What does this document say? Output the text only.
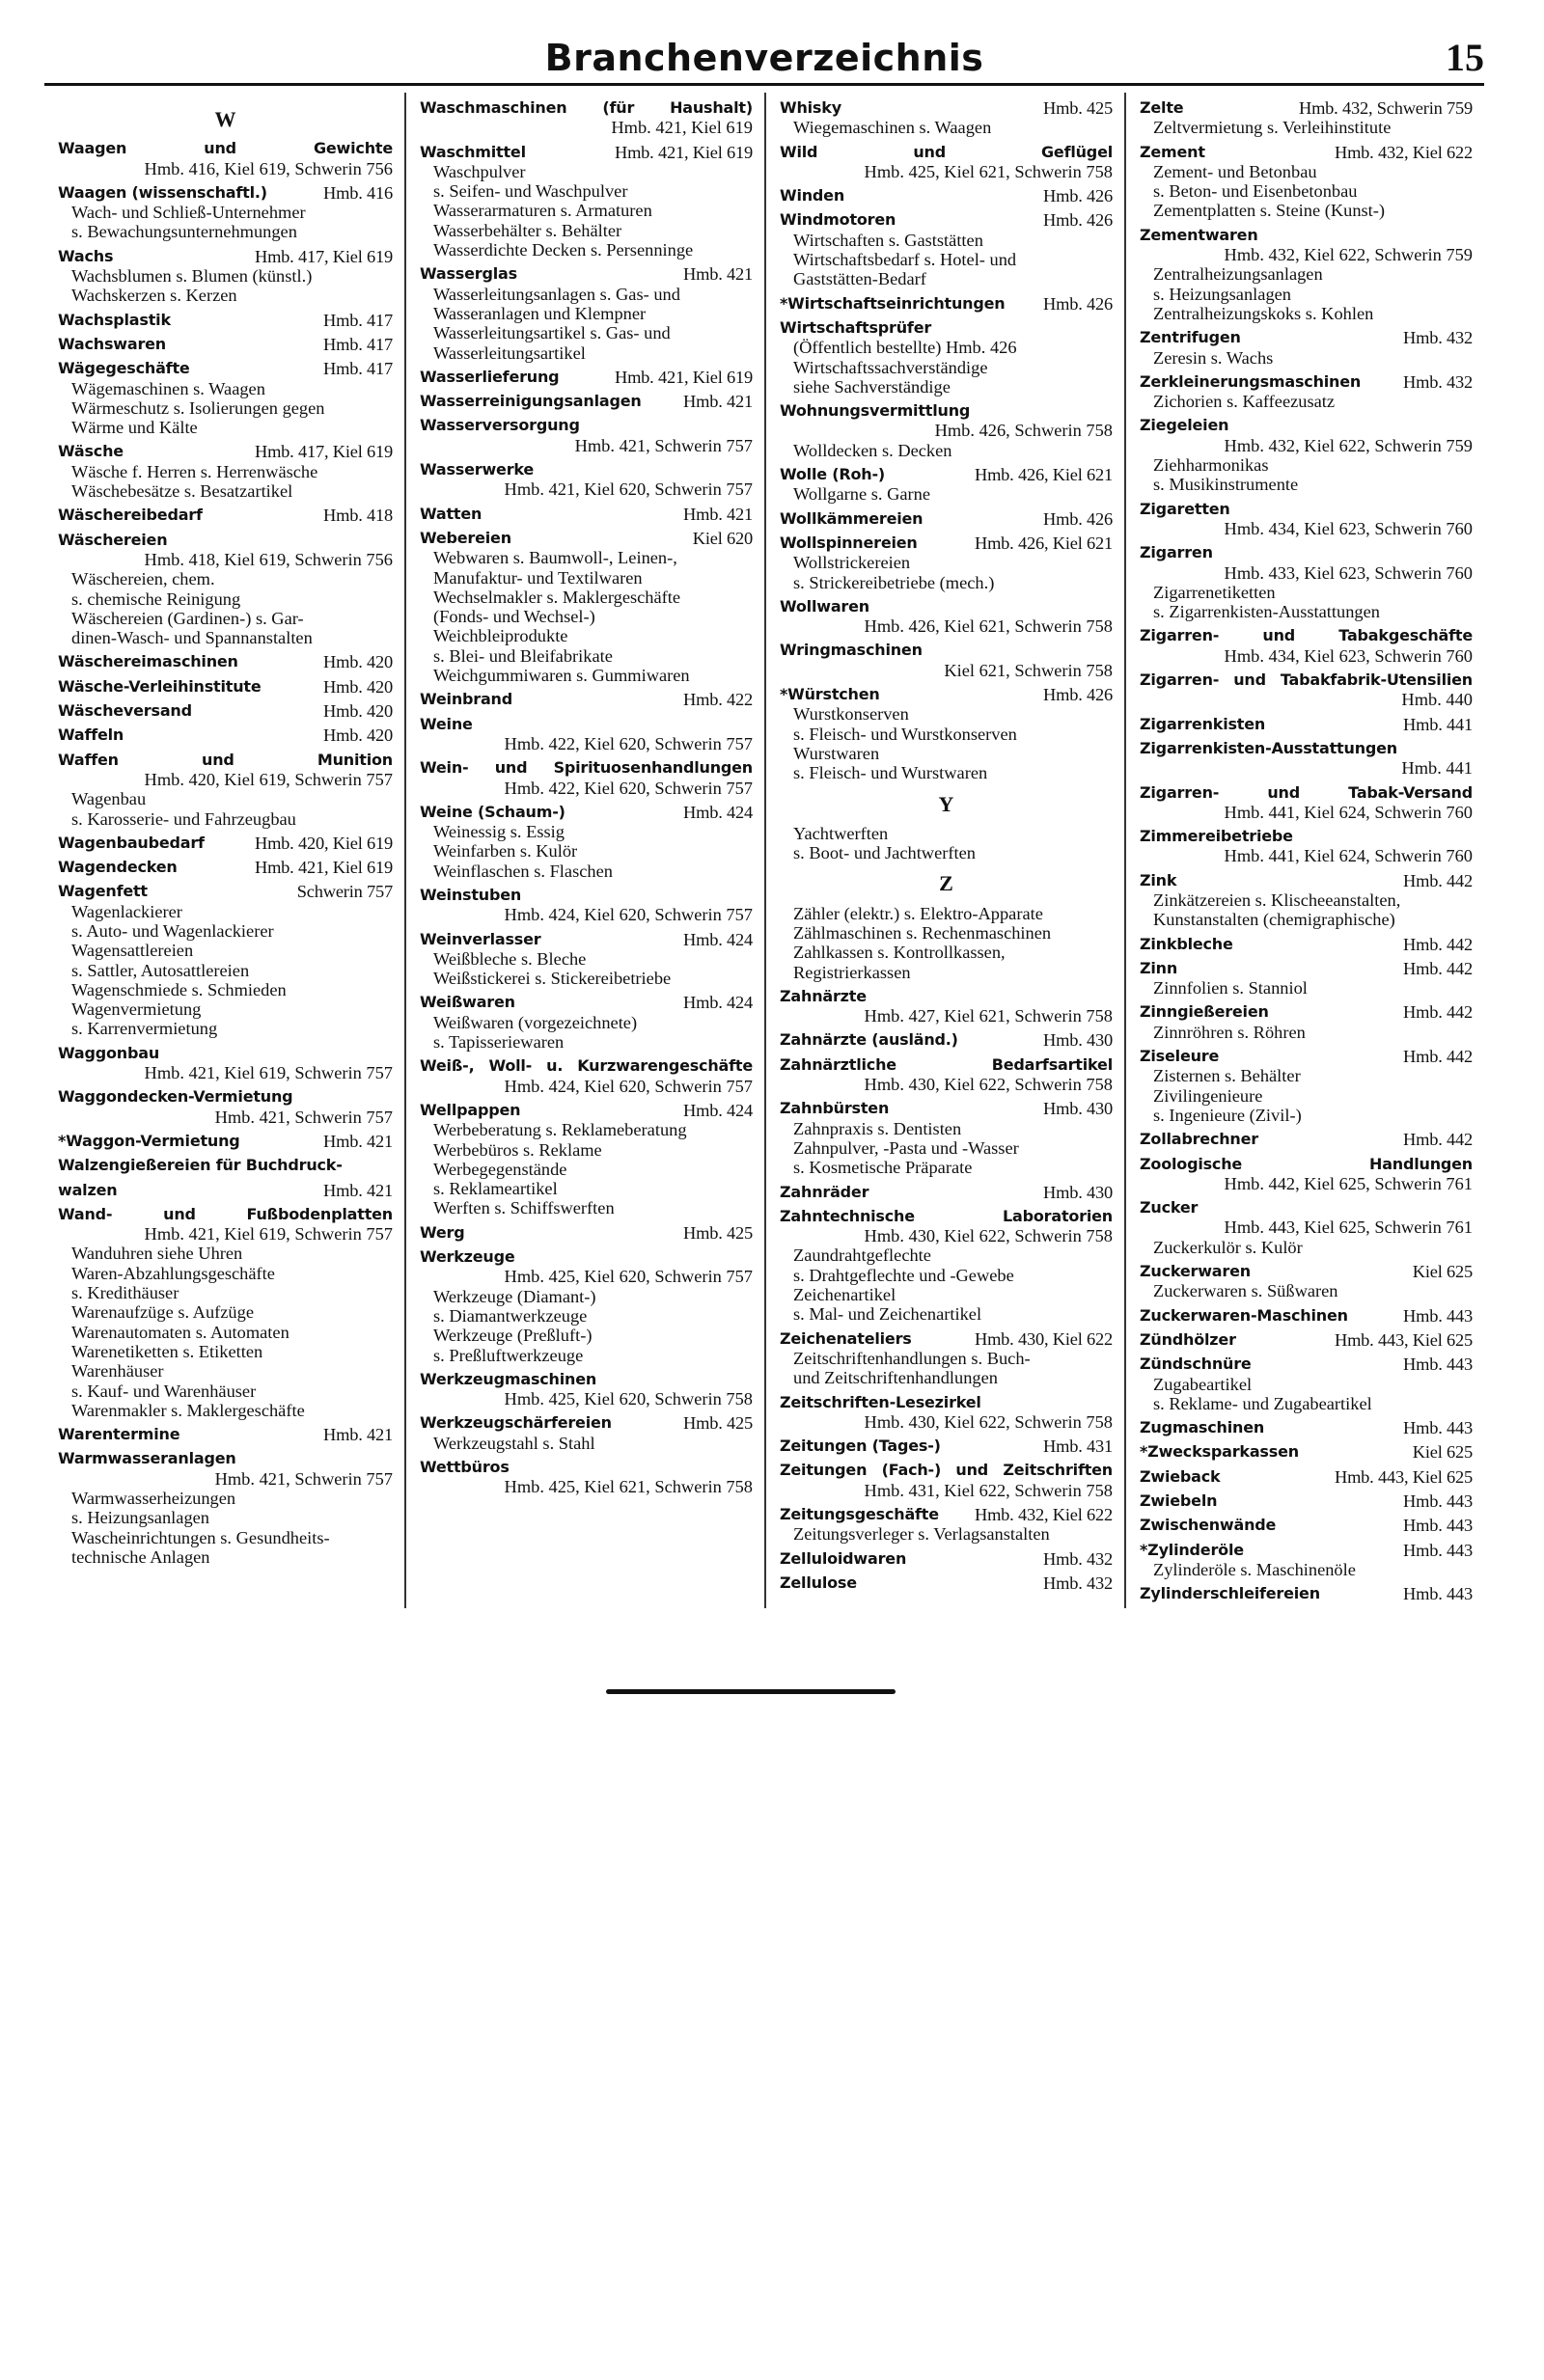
Branchenverzeichnis	15
W
Waagen und Gewichte
Hmb. 416, Kiel 619, Schwerin 756
Hmb. 416
Waagen (wissenschaftl.)
Wach- und Schließ-Unternehmer
s. Bewachungsunternehmungen
Hmb. 417, Kiel 619
Wachs
Wachsblumen s. Blumen (künstl.)
Wachskerzen s. Kerzen
Hmb. 417
Wachsplastik
Hmb. 417
Wachswaren
Hmb. 417
Wägegeschäfte
Wägemaschinen s. Waagen
Wärmeschutz s. Isolierungen gegen
Wärme und Kälte
Hmb. 417, Kiel 619
Wäsche
Wäsche f. Herren s. Herrenwäsche
Wäschebesätze s. Besatzartikel
Hmb. 418
Wäschereibedarf
Wäschereien
Hmb. 418, Kiel 619, Schwerin 756
Wäschereien, chem.
s. chemische Reinigung
Wäschereien (Gardinen-) s. Gar-
dinen-Wasch- und Spannanstalten
Hmb. 420
Wäschereimaschinen
Hmb. 420
Wäsche-Verleihinstitute
Hmb. 420
Wäscheversand
Hmb. 420
Waffeln
Waffen und Munition
Hmb. 420, Kiel 619, Schwerin 757
Wagenbau
s. Karosserie- und Fahrzeugbau
Hmb. 420, Kiel 619
Wagenbaubedarf
Hmb. 421, Kiel 619
Wagendecken
Schwerin 757
Wagenfett
Wagenlackierer
s. Auto- und Wagenlackierer
Wagensattlereien
s. Sattler, Autosattlereien
Wagenschmiede s. Schmieden
Wagenvermietung
s. Karrenvermietung
Waggonbau
Hmb. 421, Kiel 619, Schwerin 757
Waggondecken-Vermietung
Hmb. 421, Schwerin 757
Hmb. 421
*Waggon-Vermietung
Walzengießereien für Buchdruck-
Hmb. 421
walzen
Wand- und Fußbodenplatten
Hmb. 421, Kiel 619, Schwerin 757
Wanduhren siehe Uhren
Waren-Abzahlungsgeschäfte
s. Kredithäuser
Warenaufzüge s. Aufzüge
Warenautomaten s. Automaten
Warenetiketten s. Etiketten
Warenhäuser
s. Kauf- und Warenhäuser
Warenmakler s. Maklergeschäfte
Hmb. 421
Warentermine
Warmwasseranlagen
Hmb. 421, Schwerin 757
Warmwasserheizungen
s. Heizungsanlagen
Wascheinrichtungen s. Gesundheits-
technische Anlagen
Waschmaschinen (für Haushalt)
Hmb. 421, Kiel 619
Hmb. 421, Kiel 619
Waschmittel
Waschpulver
s. Seifen- und Waschpulver
Wasserarmaturen s. Armaturen
Wasserbehälter s. Behälter
Wasserdichte Decken s. Persenninge
Hmb. 421
Wasserglas
Wasserleitungsanlagen s. Gas- und
Wasseranlagen und Klempner
Wasserleitungsartikel s. Gas- und
Wasserleitungsartikel
Hmb. 421, Kiel 619
Wasserlieferung
Hmb. 421
Wasserreinigungsanlagen
Wasserversorgung
Hmb. 421, Schwerin 757
Wasserwerke
Hmb. 421, Kiel 620, Schwerin 757
Hmb. 421
Watten
Kiel 620
Webereien
Webwaren s. Baumwoll-, Leinen-,
Manufaktur- und Textilwaren
Wechselmakler s. Maklergeschäfte
(Fonds- und Wechsel-)
Weichbleiprodukte
s. Blei- und Bleifabrikate
Weichgummiwaren s. Gummiwaren
Hmb. 422
Weinbrand
Weine
Hmb. 422, Kiel 620, Schwerin 757
Wein- und Spirituosenhandlungen
Hmb. 422, Kiel 620, Schwerin 757
Hmb. 424
Weine (Schaum-)
Weinessig s. Essig
Weinfarben s. Kulör
Weinflaschen s. Flaschen
Weinstuben
Hmb. 424, Kiel 620, Schwerin 757
Hmb. 424
Weinverlasser
Weißbleche s. Bleche
Weißstickerei s. Stickereibetriebe
Hmb. 424
Weißwaren
Weißwaren (vorgezeichnete)
s. Tapisseriewaren
Weiß-, Woll- u. Kurzwarengeschäfte
Hmb. 424, Kiel 620, Schwerin 757
Hmb. 424
Wellpappen
Werbeberatung s. Reklameberatung
Werbebüros s. Reklame
Werbegegenstände
s. Reklameartikel
Werften s. Schiffswerften
Hmb. 425
Werg
Werkzeuge
Hmb. 425, Kiel 620, Schwerin 757
Werkzeuge (Diamant-)
s. Diamantwerkzeuge
Werkzeuge (Preßluft-)
s. Preßluftwerkzeuge
Werkzeugmaschinen
Hmb. 425, Kiel 620, Schwerin 758
Hmb. 425
Werkzeugschärfereien
Werkzeugstahl s. Stahl
Wettbüros
Hmb. 425, Kiel 621, Schwerin 758
Hmb. 425
Whisky
Wiegemaschinen s. Waagen
Wild und Geflügel
Hmb. 425, Kiel 621, Schwerin 758
Hmb. 426
Winden
Hmb. 426
Windmotoren
Wirtschaften s. Gaststätten
Wirtschaftsbedarf s. Hotel- und
Gaststätten-Bedarf
Hmb. 426
*Wirtschaftseinrichtungen
Wirtschaftsprüfer
(Öffentlich bestellte) Hmb. 426
Wirtschaftssachverständige
siehe Sachverständige
Wohnungsvermittlung
Hmb. 426, Schwerin 758
Wolldecken s. Decken
Hmb. 426, Kiel 621
Wolle (Roh-)
Wollgarne s. Garne
Hmb. 426
Wollkämmereien
Hmb. 426, Kiel 621
Wollspinnereien
Wollstrickereien
s. Strickereibetriebe (mech.)
Wollwaren
Hmb. 426, Kiel 621, Schwerin 758
Wringmaschinen
Kiel 621, Schwerin 758
Hmb. 426
*Würstchen
Wurstkonserven
s. Fleisch- und Wurstkonserven
Wurstwaren
s. Fleisch- und Wurstwaren
Y
Yachtwerften
s. Boot- und Jachtwerften
Z
Zähler (elektr.) s. Elektro-Apparate
Zählmaschinen s. Rechenmaschinen
Zahlkassen s. Kontrollkassen,
Registrierkassen
Zahnärzte
Hmb. 427, Kiel 621, Schwerin 758
Hmb. 430
Zahnärzte (ausländ.)
Zahnärztliche Bedarfsartikel
Hmb. 430, Kiel 622, Schwerin 758
Hmb. 430
Zahnbürsten
Zahnpraxis s. Dentisten
Zahnpulver, -Pasta und -Wasser
s. Kosmetische Präparate
Hmb. 430
Zahnräder
Zahntechnische Laboratorien
Hmb. 430, Kiel 622, Schwerin 758
Zaundrahtgeflechte
s. Drahtgeflechte und -Gewebe
Zeichenartikel
s. Mal- und Zeichenartikel
Hmb. 430, Kiel 622
Zeichenateliers
Zeitschriftenhandlungen s. Buch-
und Zeitschriftenhandlungen
Zeitschriften-Lesezirkel
Hmb. 430, Kiel 622, Schwerin 758
Hmb. 431
Zeitungen (Tages-)
Zeitungen (Fach-) und Zeitschriften
Hmb. 431, Kiel 622, Schwerin 758
Hmb. 432, Kiel 622
Zeitungsgeschäfte
Zeitungsverleger s. Verlagsanstalten
Hmb. 432
Zelluloidwaren
Hmb. 432
Zellulose
Hmb. 432, Schwerin 759
Zelte
Zeltvermietung s. Verleihinstitute
Hmb. 432, Kiel 622
Zement
Zement- und Betonbau
s. Beton- und Eisenbetonbau
Zementplatten s. Steine (Kunst-)
Zementwaren
Hmb. 432, Kiel 622, Schwerin 759
Zentralheizungsanlagen
s. Heizungsanlagen
Zentralheizungskoks s. Kohlen
Hmb. 432
Zentrifugen
Zeresin s. Wachs
Hmb. 432
Zerkleinerungsmaschinen
Zichorien s. Kaffeezusatz
Ziegeleien
Hmb. 432, Kiel 622, Schwerin 759
Ziehharmonikas
s. Musikinstrumente
Zigaretten
Hmb. 434, Kiel 623, Schwerin 760
Zigarren
Hmb. 433, Kiel 623, Schwerin 760
Zigarrenetiketten
s. Zigarrenkisten-Ausstattungen
Zigarren- und Tabakgeschäfte
Hmb. 434, Kiel 623, Schwerin 760
Zigarren- und Tabakfabrik-Utensilien
Hmb. 440
Hmb. 441
Zigarrenkisten
Zigarrenkisten-Ausstattungen
Hmb. 441
Zigarren- und Tabak-Versand
Hmb. 441, Kiel 624, Schwerin 760
Zimmereibetriebe
Hmb. 441, Kiel 624, Schwerin 760
Hmb. 442
Zink
Zinkätzereien s. Klischeeanstalten,
Kunstanstalten (chemigraphische)
Hmb. 442
Zinkbleche
Hmb. 442
Zinn
Zinnfolien s. Stanniol
Hmb. 442
Zinngießereien
Zinnröhren s. Röhren
Hmb. 442
Ziseleure
Zisternen s. Behälter
Zivilingenieure
s. Ingenieure (Zivil-)
Hmb. 442
Zollabrechner
Zoologische Handlungen
Hmb. 442, Kiel 625, Schwerin 761
Zucker
Hmb. 443, Kiel 625, Schwerin 761
Zuckerkulör s. Kulör
Kiel 625
Zuckerwaren
Zuckerwaren s. Süßwaren
Hmb. 443
Zuckerwaren-Maschinen
Hmb. 443, Kiel 625
Zündhölzer
Hmb. 443
Zündschnüre
Zugabeartikel
s. Reklame- und Zugabeartikel
Hmb. 443
Zugmaschinen
Kiel 625
*Zwecksparkassen
Hmb. 443, Kiel 625
Zwieback
Hmb. 443
Zwiebeln
Hmb. 443
Zwischenwände
Hmb. 443
*Zylinderöle
Zylinderöle s. Maschinenöle
Hmb. 443
Zylinderschleifereien
